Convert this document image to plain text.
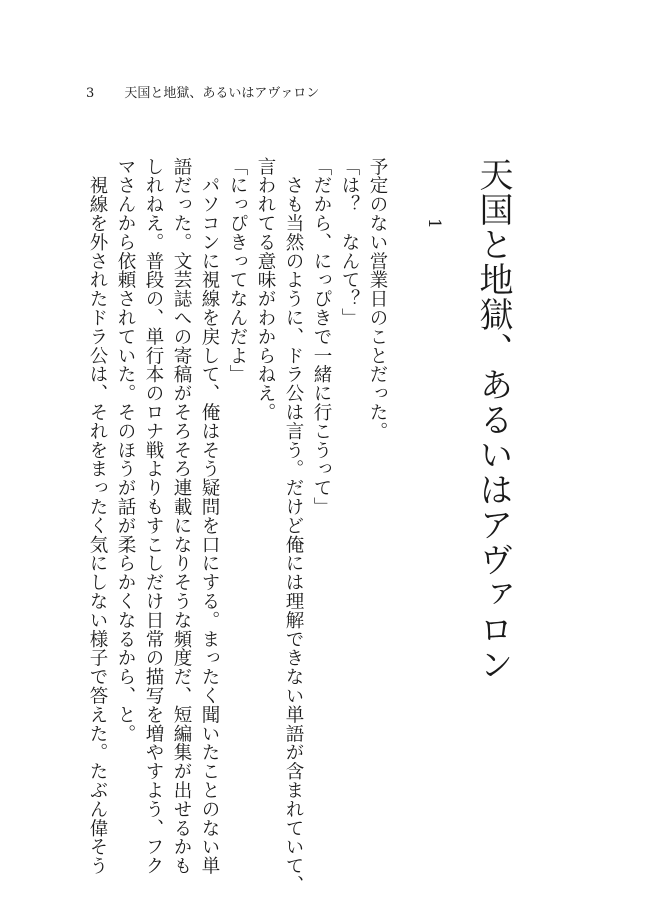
3 天国と地獄、あるいはアヴァロン
天国と地獄、あるいはアヴァロン
1
予定のない営業日のことだった。
「は？　なんて？」
「だから、にっぴきで一緒に行こうって」
　さも当然のように、ドラ公は言う。だけど俺には理解できない単語が含まれていて、
言われてる意味がわからねえ。
「にっぴきってなんだよ」
　パソコンに視線を戻して、俺はそう疑問を口にする。まったく聞いたことのない単
語だった。文芸誌への寄稿がそろそろ連載になりそうな頻度だ、短編集が出せるかも
しれねえ。普段の、単行本のロナ戦よりもすこしだけ日常の描写を増やすよう、フク
マさんから依頼されていた。そのほうが話が柔らかくなるから、と。
　視線を外されたドラ公は、それをまったく気にしない様子で答えた。たぶん偉そう
